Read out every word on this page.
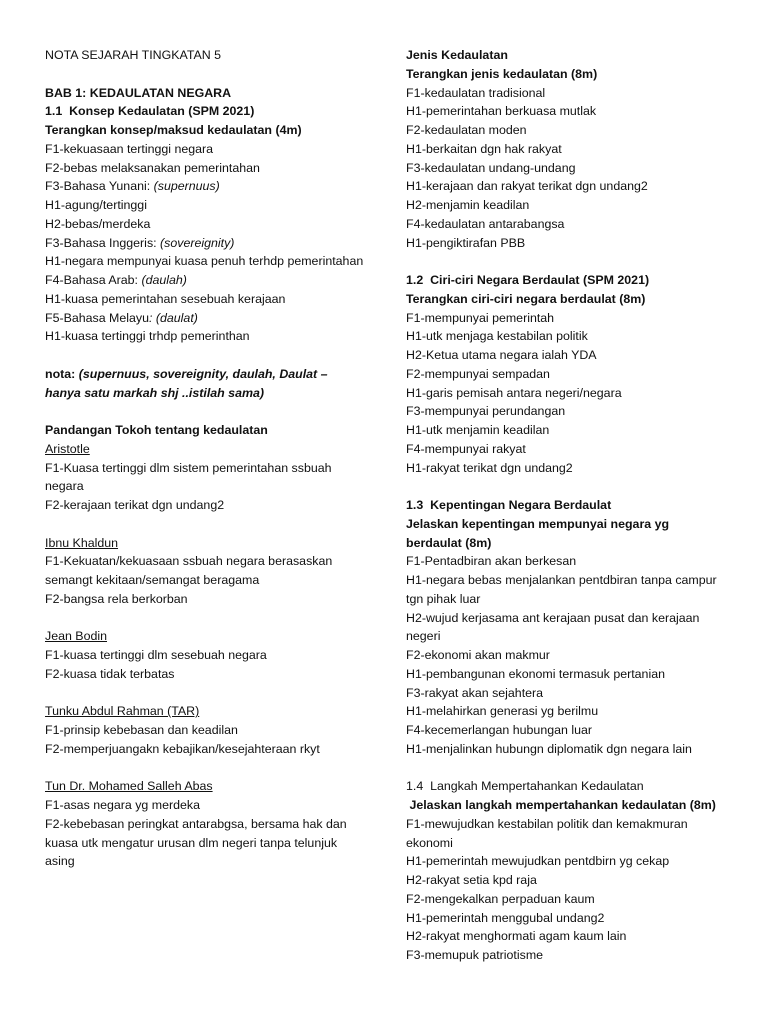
NOTA SEJARAH TINGKATAN 5
BAB 1: KEDAULATAN NEGARA
1.1  Konsep Kedaulatan (SPM 2021)
Terangkan konsep/maksud kedaulatan (4m)
F1-kekuasaan tertinggi negara
F2-bebas melaksanakan pemerintahan
F3-Bahasa Yunani: (supernuus)
H1-agung/tertinggi
H2-bebas/merdeka
F3-Bahasa Inggeris: (sovereignity)
H1-negara mempunyai kuasa penuh terhdp pemerintahan
F4-Bahasa Arab: (daulah)
H1-kuasa pemerintahan sesebuah kerajaan
F5-Bahasa Melayu: (daulat)
H1-kuasa tertinggi trhdp pemerinthan
nota: (supernuus, sovereignity, daulah, Daulat – hanya satu markah shj ..istilah sama)
Pandangan Tokoh tentang kedaulatan
Aristotle
F1-Kuasa tertinggi dlm sistem pemerintahan ssbuah negara
F2-kerajaan terikat dgn undang2
Ibnu Khaldun
F1-Kekuatan/kekuasaan ssbuah negara berasaskan semangt kekitaan/semangat beragama
F2-bangsa rela berkorban
Jean Bodin
F1-kuasa tertinggi dlm sesebuah negara
F2-kuasa tidak terbatas
Tunku Abdul Rahman (TAR)
F1-prinsip kebebasan dan keadilan
F2-memperjuangakn kebajikan/kesejahteraan rkyt
Tun Dr. Mohamed Salleh Abas
F1-asas negara yg merdeka
F2-kebebasan peringkat antarabgsa, bersama hak dan kuasa utk mengatur urusan dlm negeri tanpa telunjuk asing
Jenis Kedaulatan
Terangkan jenis kedaulatan (8m)
F1-kedaulatan tradisional
H1-pemerintahan berkuasa mutlak
F2-kedaulatan moden
H1-berkaitan dgn hak rakyat
F3-kedaulatan undang-undang
H1-kerajaan dan rakyat terikat dgn undang2
H2-menjamin keadilan
F4-kedaulatan antarabangsa
H1-pengiktirafan PBB
1.2  Ciri-ciri Negara Berdaulat (SPM 2021)
Terangkan ciri-ciri negara berdaulat (8m)
F1-mempunyai pemerintah
H1-utk menjaga kestabilan politik
H2-Ketua utama negara ialah YDA
F2-mempunyai sempadan
H1-garis pemisah antara negeri/negara
F3-mempunyai perundangan
H1-utk menjamin keadilan
F4-mempunyai rakyat
H1-rakyat terikat dgn undang2
1.3  Kepentingan Negara Berdaulat
Jelaskan kepentingan mempunyai negara yg berdaulat (8m)
F1-Pentadbiran akan berkesan
H1-negara bebas menjalankan pentdbiran tanpa campur tgn pihak luar
H2-wujud kerjasama ant kerajaan pusat dan kerajaan negeri
F2-ekonomi akan makmur
H1-pembangunan ekonomi termasuk pertanian
F3-rakyat akan sejahtera
H1-melahirkan generasi yg berilmu
F4-kecemerlangan hubungan luar
H1-menjalinkan hubungn diplomatik dgn negara lain
1.4  Langkah Mempertahankan Kedaulatan
Jelaskan langkah mempertahankan kedaulatan (8m)
F1-mewujudkan kestabilan politik dan kemakmuran ekonomi
H1-pemerintah mewujudkan pentdbirn yg cekap
H2-rakyat setia kpd raja
F2-mengekalkan perpaduan kaum
H1-pemerintah menggubal undang2
H2-rakyat menghormati agam kaum lain
F3-memupuk patriotisme
